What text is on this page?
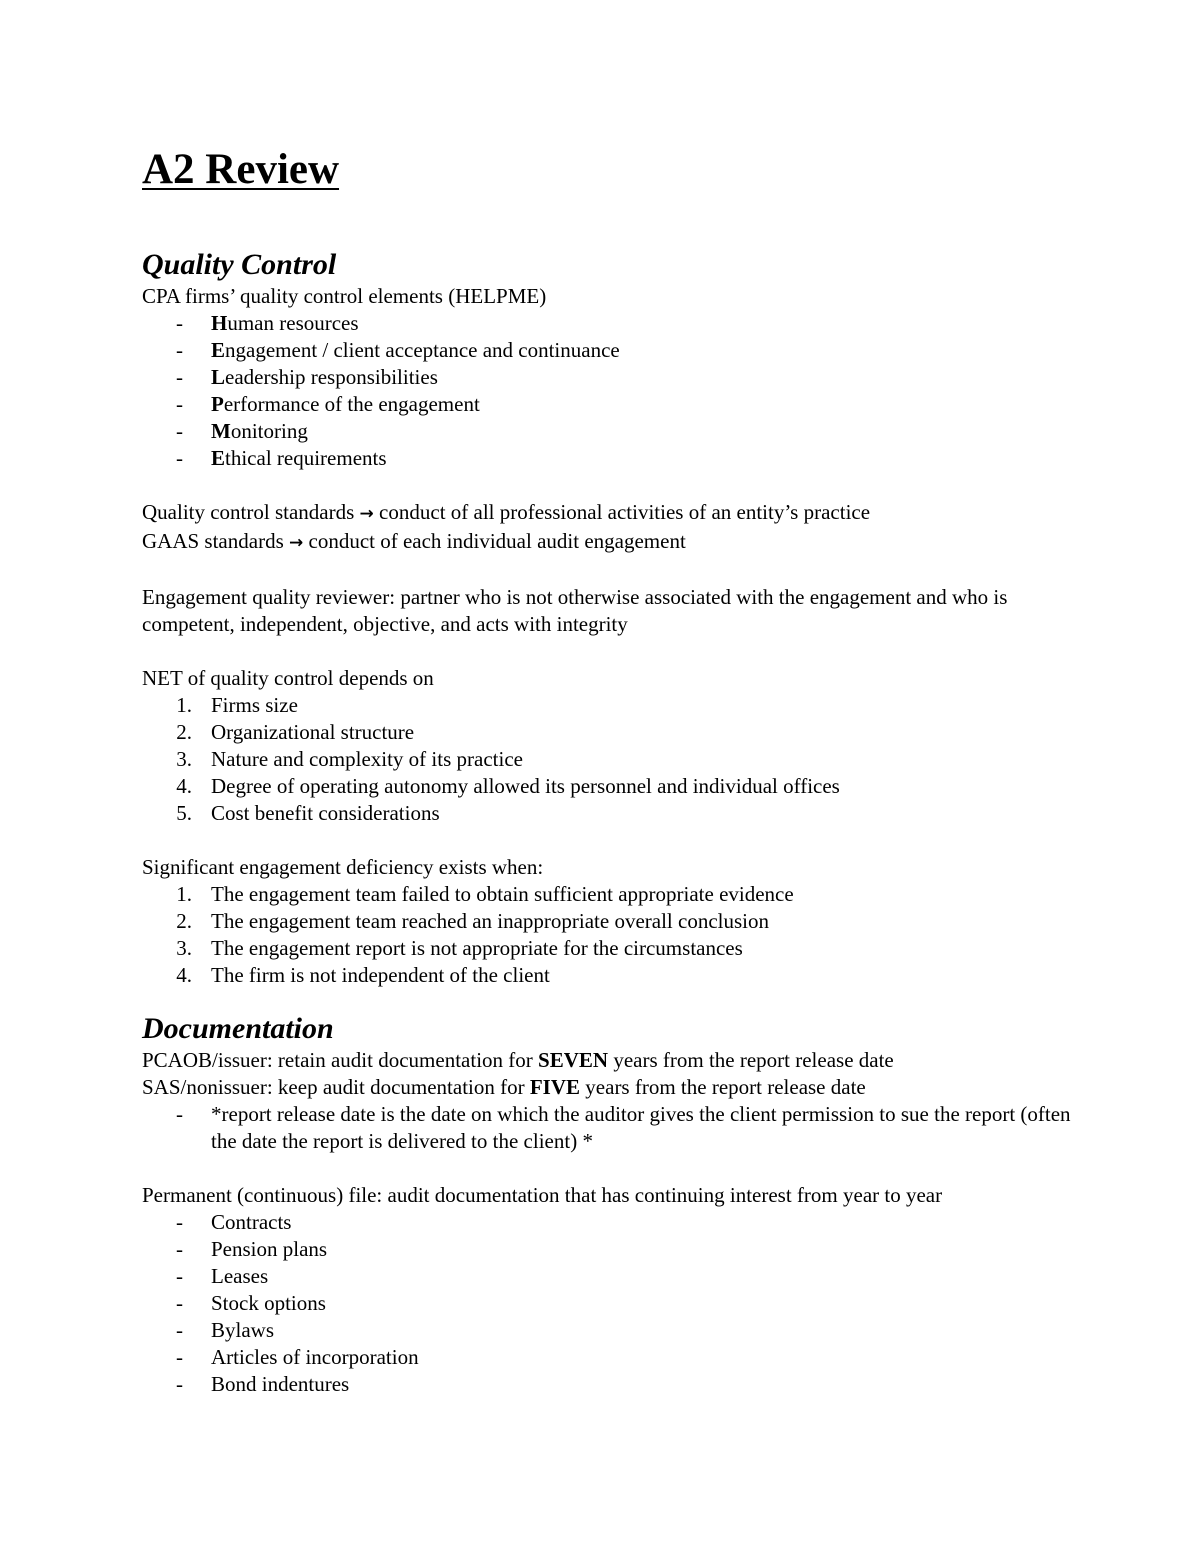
A2 Review
Quality Control

CPA firms’ quality control elements (HELPME)

- Human resources
- Engagement / client acceptance and continuance
- Leadership responsibilities
- Performance of the engagement
- Monitoring
- Ethical requirements

Quality control standards → conduct of all professional activities of an entity’s practice

GAAS standards → conduct of each individual audit engagement

Engagement quality reviewer: partner who is not otherwise associated with the engagement and who is competent, independent, objective, and acts with integrity

NET of quality control depends on

1. Firms size
2. Organizational structure
3. Nature and complexity of its practice
4. Degree of operating autonomy allowed its personnel and individual offices
5. Cost benefit considerations

Significant engagement deficiency exists when:

1. The engagement team failed to obtain sufficient appropriate evidence
2. The engagement team reached an inappropriate overall conclusion
3. The engagement report is not appropriate for the circumstances
4. The firm is not independent of the client
Documentation

PCAOB/issuer: retain audit documentation for SEVEN years from the report release date

SAS/nonissuer: keep audit documentation for FIVE years from the report release date

- *report release date is the date on which the auditor gives the client permission to sue the report (often the date the report is delivered to the client) *

Permanent (continuous) file: audit documentation that has continuing interest from year to year

- Contracts
- Pension plans
- Leases
- Stock options
- Bylaws
- Articles of incorporation
- Bond indentures
